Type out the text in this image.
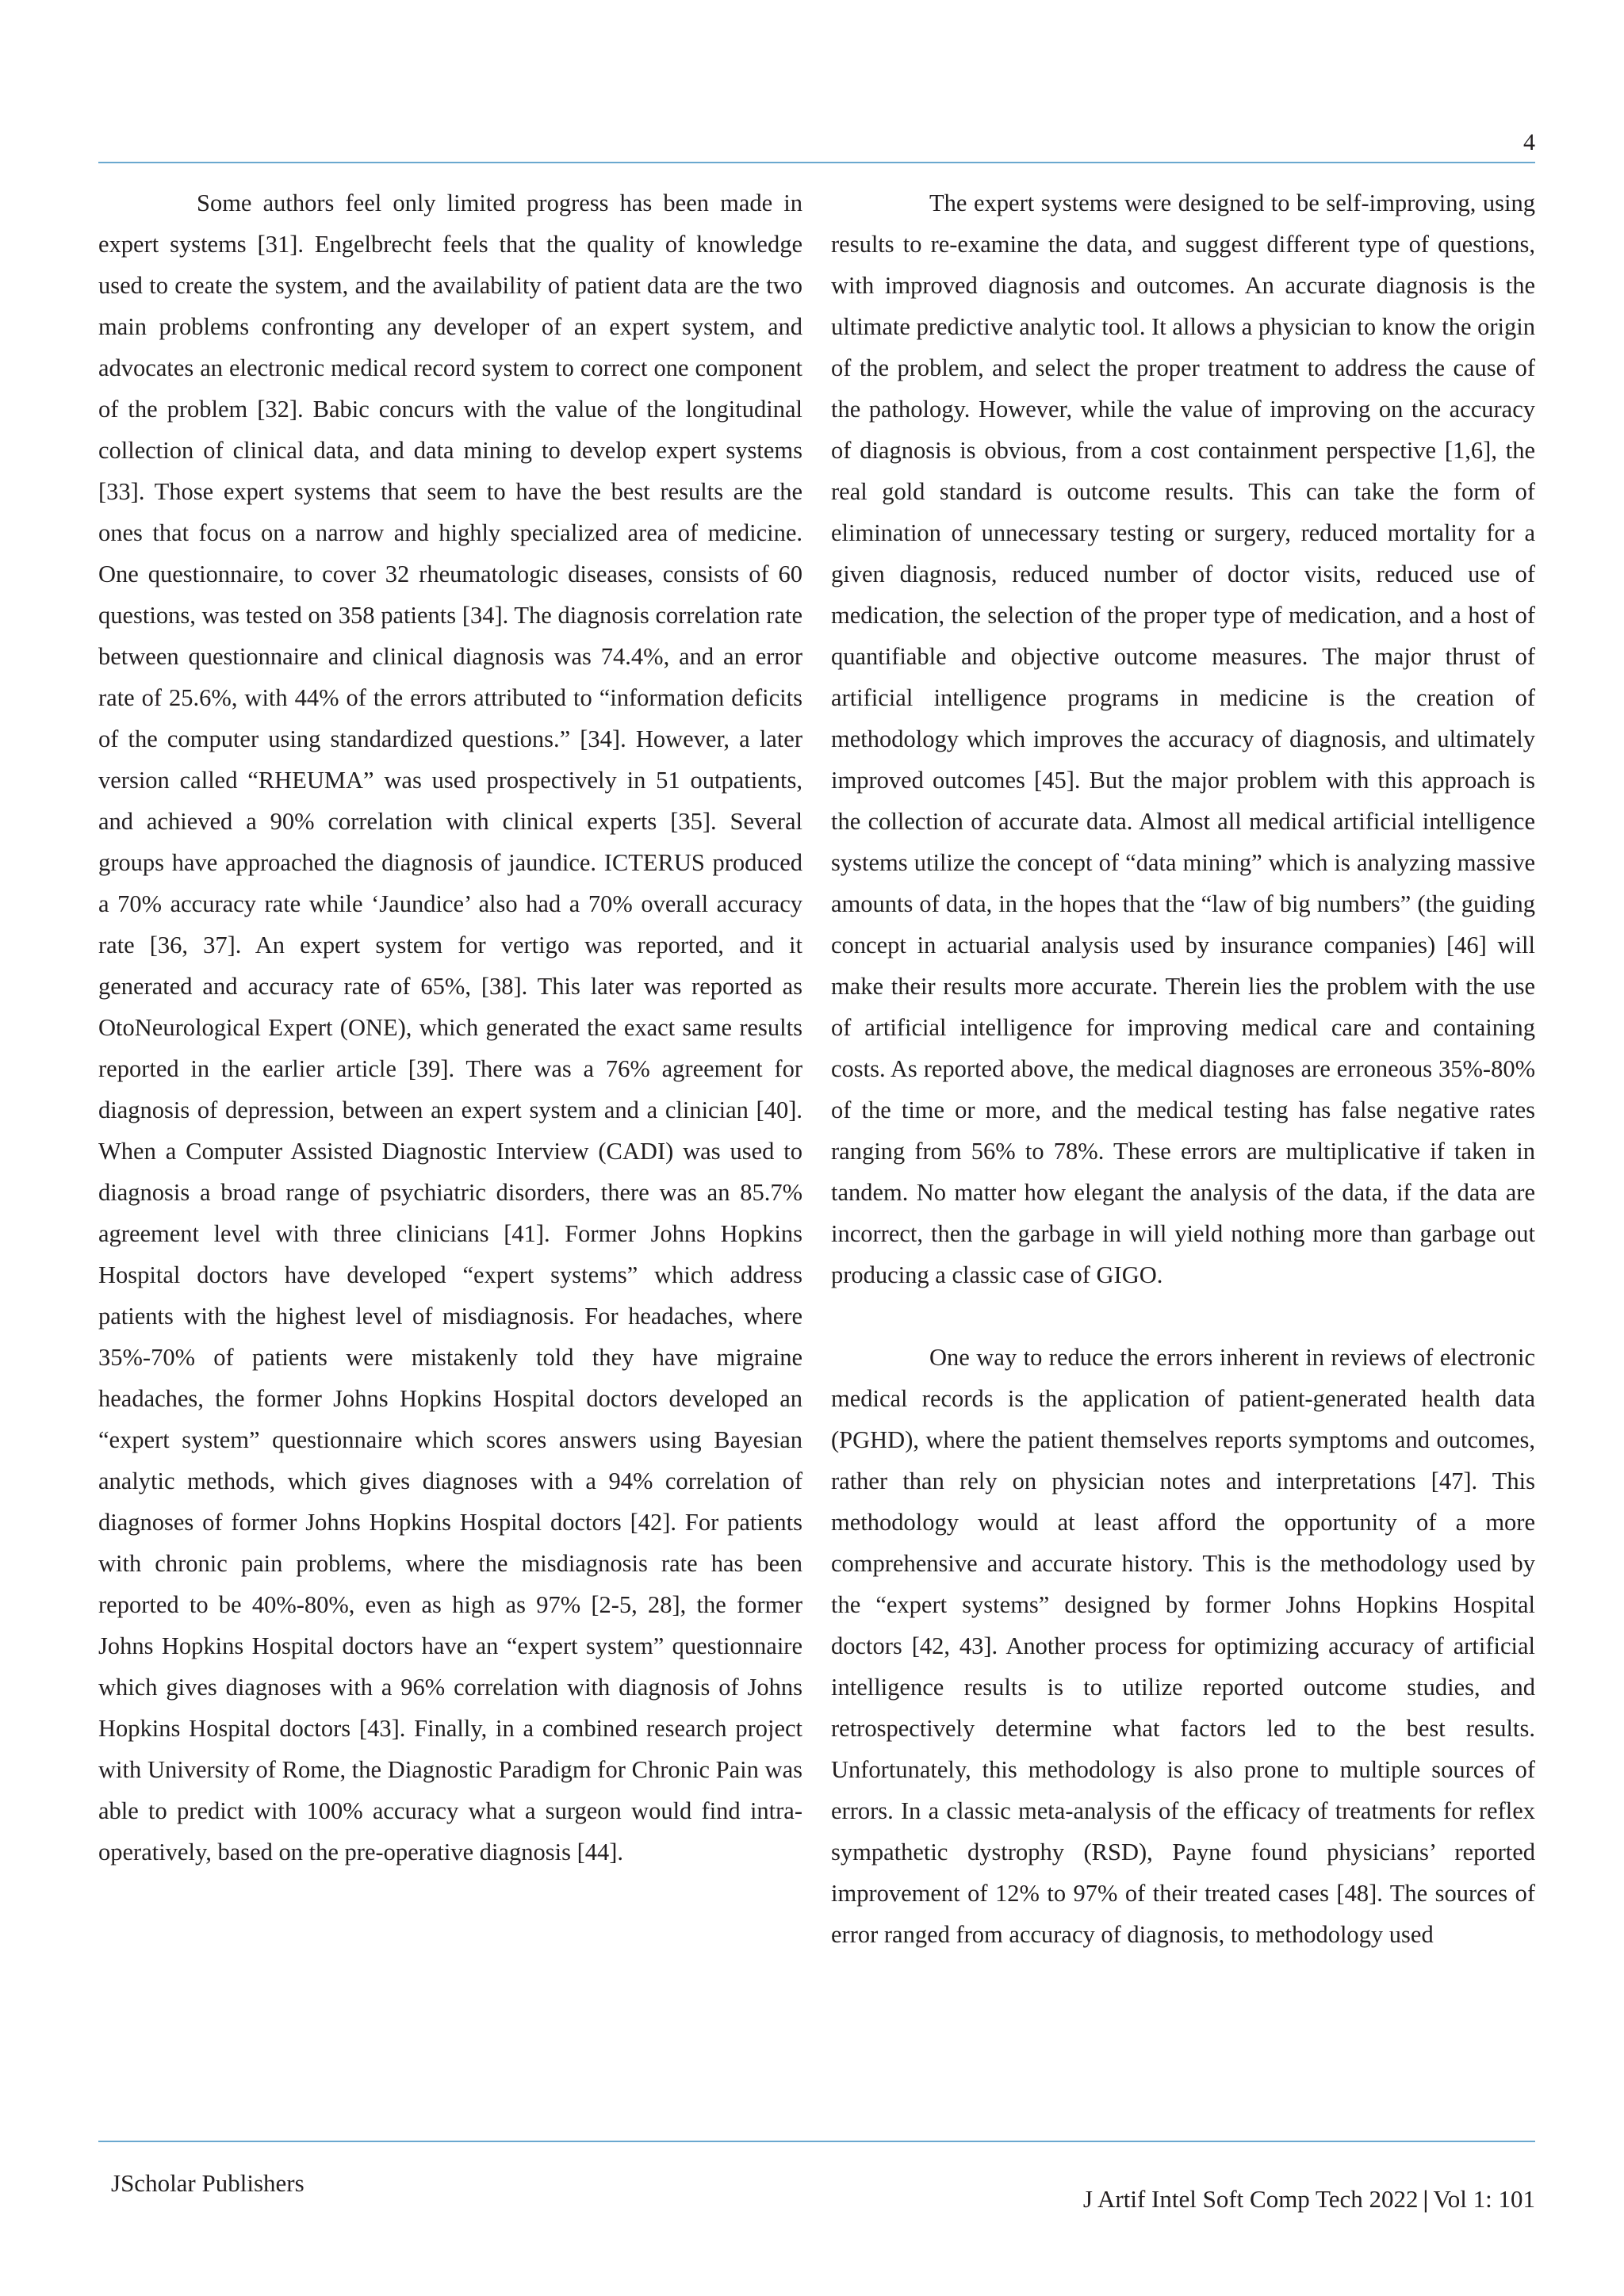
4

Some authors feel only limited progress has been made in expert systems [31]. Engelbrecht feels that the quality of knowledge used to create the system, and the availability of patient data are the two main problems confronting any developer of an expert system, and advocates an electronic medical record system to correct one component of the problem [32]. Babic concurs with the value of the longitudinal collection of clinical data, and data mining to develop expert systems [33]. Those expert systems that seem to have the best results are the ones that focus on a narrow and highly specialized area of medicine. One questionnaire, to cover 32 rheumatologic diseases, consists of 60 questions, was tested on 358 patients [34]. The diagnosis correlation rate between questionnaire and clinical diagnosis was 74.4%, and an error rate of 25.6%, with 44% of the errors attributed to “information deficits of the computer using standardized questions.” [34]. However, a later version called “RHEUMA” was used prospectively in 51 outpatients, and achieved a 90% correlation with clinical experts [35]. Several groups have approached the diagnosis of jaundice. ICTERUS produced a 70% accuracy rate while ‘Jaundice’ also had a 70% overall accuracy rate [36, 37]. An expert system for vertigo was reported, and it generated and accuracy rate of 65%, [38]. This later was reported as OtoNeurological Expert (ONE), which generated the exact same results reported in the earlier article [39]. There was a 76% agreement for diagnosis of depression, between an expert system and a clinician [40]. When a Computer Assisted Diagnostic Interview (CADI) was used to diagnosis a broad range of psychiatric disorders, there was an 85.7% agreement level with three clinicians [41]. Former Johns Hopkins Hospital doctors have developed “expert systems” which address patients with the highest level of misdiagnosis. For headaches, where 35%-70% of patients were mistakenly told they have migraine headaches, the former Johns Hopkins Hospital doctors developed an “expert system” questionnaire which scores answers using Bayesian analytic methods, which gives diagnoses with a 94% correlation of diagnoses of former Johns Hopkins Hospital doctors [42]. For patients with chronic pain problems, where the misdiagnosis rate has been reported to be 40%-80%, even as high as 97% [2-5, 28], the former Johns Hopkins Hospital doctors have an “expert system” questionnaire which gives diagnoses with a 96% correlation with diagnosis of Johns Hopkins Hospital doctors [43]. Finally, in a combined research project with University of Rome, the Diagnostic Paradigm for Chronic Pain was able to predict with 100% accuracy what a surgeon would find intra-operatively, based on the pre-operative diagnosis [44].

The expert systems were designed to be self-improving, using results to re-examine the data, and suggest different type of questions, with improved diagnosis and outcomes. An accurate diagnosis is the ultimate predictive analytic tool. It allows a physician to know the origin of the problem, and select the proper treatment to address the cause of the pathology. However, while the value of improving on the accuracy of diagnosis is obvious, from a cost containment perspective [1,6], the real gold standard is outcome results. This can take the form of elimination of unnecessary testing or surgery, reduced mortality for a given diagnosis, reduced number of doctor visits, reduced use of medication, the selection of the proper type of medication, and a host of quantifiable and objective outcome measures. The major thrust of artificial intelligence programs in medicine is the creation of methodology which improves the accuracy of diagnosis, and ultimately improved outcomes [45]. But the major problem with this approach is the collection of accurate data. Almost all medical artificial intelligence systems utilize the concept of “data mining” which is analyzing massive amounts of data, in the hopes that the “law of big numbers” (the guiding concept in actuarial analysis used by insurance companies) [46] will make their results more accurate. Therein lies the problem with the use of artificial intelligence for improving medical care and containing costs. As reported above, the medical diagnoses are erroneous 35%-80% of the time or more, and the medical testing has false negative rates ranging from 56% to 78%. These errors are multiplicative if taken in tandem. No matter how elegant the analysis of the data, if the data are incorrect, then the garbage in will yield nothing more than garbage out producing a classic case of GIGO.

One way to reduce the errors inherent in reviews of electronic medical records is the application of patient-generated health data (PGHD), where the patient themselves reports symptoms and outcomes, rather than rely on physician notes and interpretations [47]. This methodology would at least afford the opportunity of a more comprehensive and accurate history. This is the methodology used by the “expert systems” designed by former Johns Hopkins Hospital doctors [42, 43]. Another process for optimizing accuracy of artificial intelligence results is to utilize reported outcome studies, and retrospectively determine what factors led to the best results. Unfortunately, this methodology is also prone to multiple sources of errors. In a classic meta-analysis of the efficacy of treatments for reflex sympathetic dystrophy (RSD), Payne found physicians’ reported improvement of 12% to 97% of their treated cases [48]. The sources of error ranged from accuracy of diagnosis, to methodology used

JScholar Publishers
J Artif Intel Soft Comp Tech 2022 | Vol 1: 101
